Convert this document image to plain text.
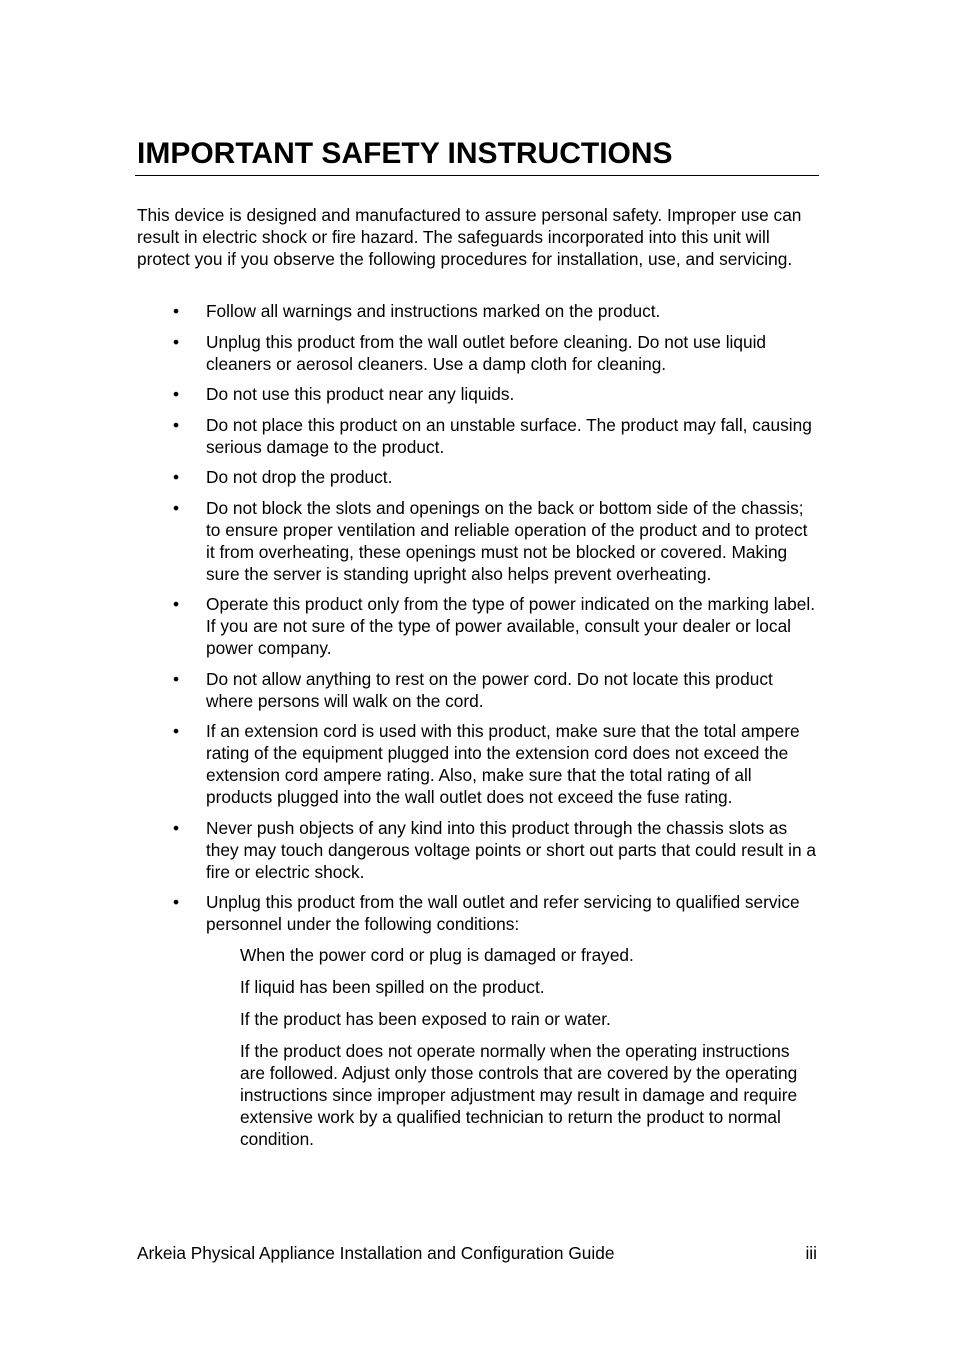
IMPORTANT SAFETY INSTRUCTIONS

This device is designed and manufactured to assure personal safety. Improper use can result in electric shock or fire hazard. The safeguards incorporated into this unit will protect you if you observe the following procedures for installation, use, and servicing.

• Follow all warnings and instructions marked on the product.
• Unplug this product from the wall outlet before cleaning. Do not use liquid cleaners or aerosol cleaners. Use a damp cloth for cleaning.
• Do not use this product near any liquids.
• Do not place this product on an unstable surface. The product may fall, causing serious damage to the product.
• Do not drop the product.
• Do not block the slots and openings on the back or bottom side of the chassis; to ensure proper ventilation and reliable operation of the product and to protect it from overheating, these openings must not be blocked or covered. Making sure the server is standing upright also helps prevent overheating.
• Operate this product only from the type of power indicated on the marking label. If you are not sure of the type of power available, consult your dealer or local power company.
• Do not allow anything to rest on the power cord. Do not locate this product where persons will walk on the cord.
• If an extension cord is used with this product, make sure that the total ampere rating of the equipment plugged into the extension cord does not exceed the extension cord ampere rating. Also, make sure that the total rating of all products plugged into the wall outlet does not exceed the fuse rating.
• Never push objects of any kind into this product through the chassis slots as they may touch dangerous voltage points or short out parts that could result in a fire or electric shock.
• Unplug this product from the wall outlet and refer servicing to qualified service personnel under the following conditions:
When the power cord or plug is damaged or frayed.
If liquid has been spilled on the product.
If the product has been exposed to rain or water.
If the product does not operate normally when the operating instructions are followed. Adjust only those controls that are covered by the operating instructions since improper adjustment may result in damage and require extensive work by a qualified technician to return the product to normal condition.
Arkeia Physical Appliance Installation and Configuration Guide	iii
